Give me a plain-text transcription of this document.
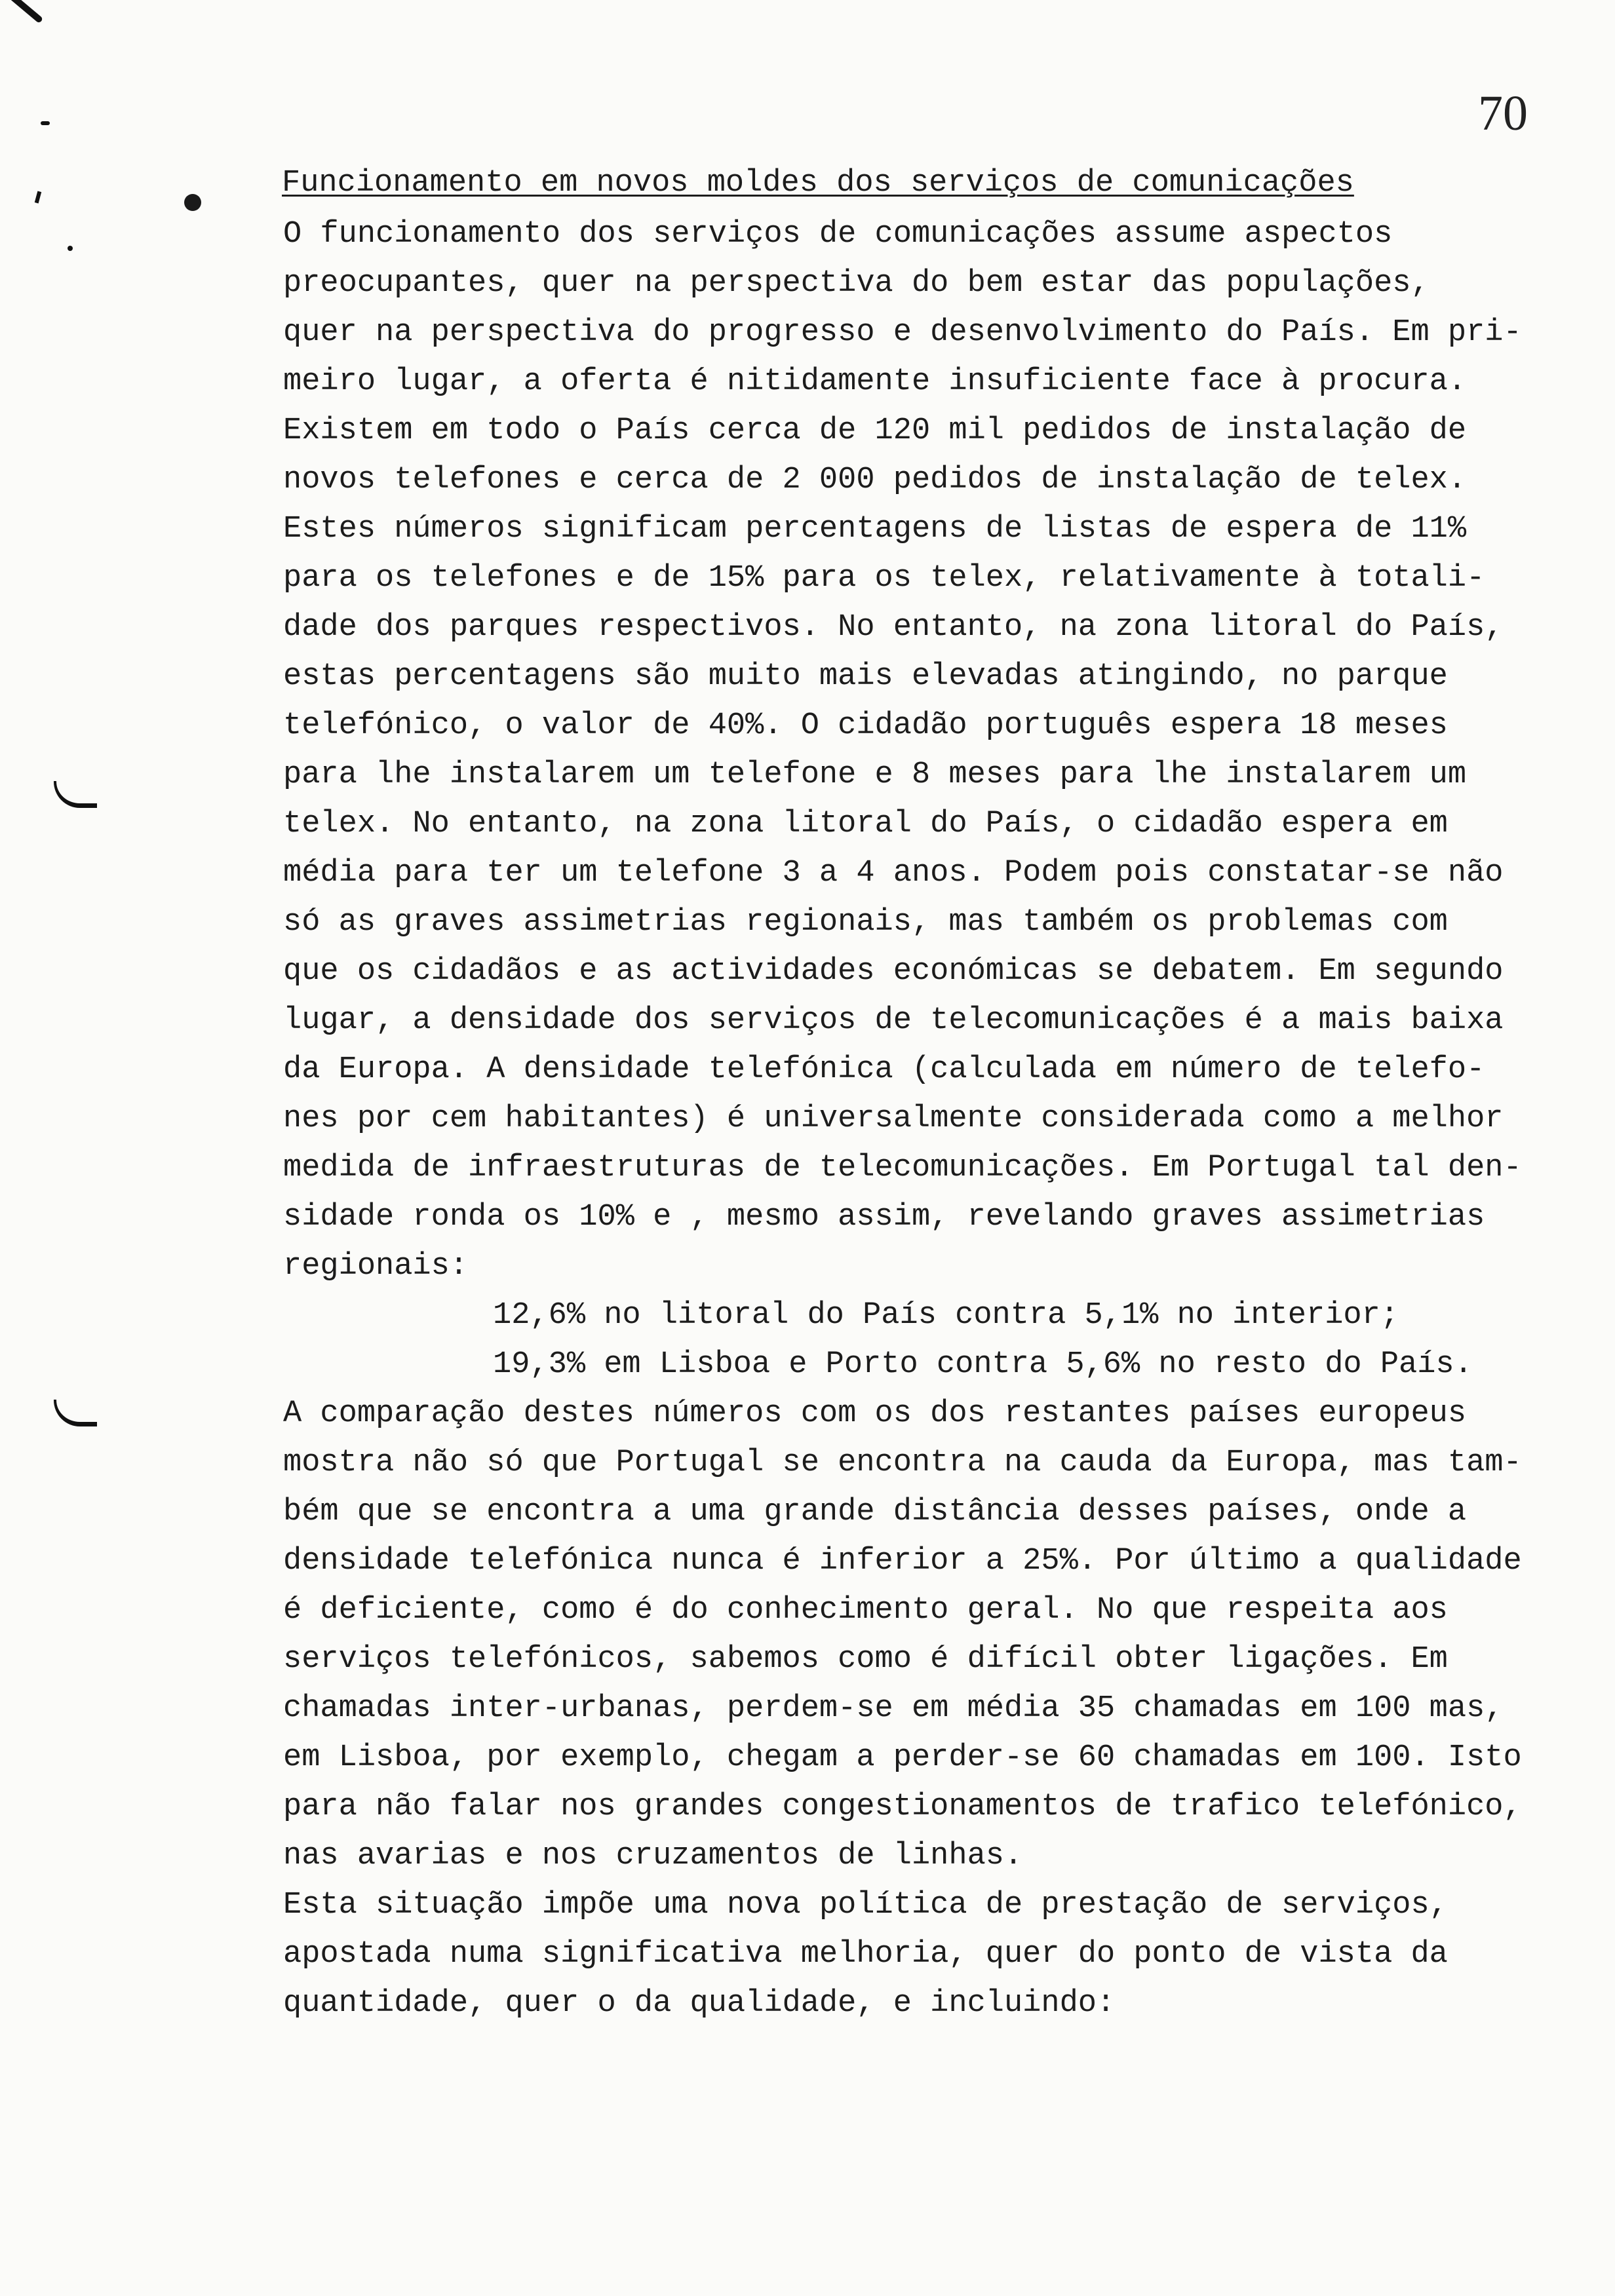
70
Funcionamento em novos moldes dos serviços de comunicações
O funcionamento dos serviços de comunicações assume aspectos
preocupantes, quer na perspectiva do bem estar das populações,
quer na perspectiva do progresso e desenvolvimento do País. Em pri-
meiro lugar, a oferta é nitidamente insuficiente face à procura.
Existem em todo o País cerca de 120 mil pedidos de instalação de
novos telefones e cerca de 2 000 pedidos de instalação de telex.
Estes números significam percentagens de listas de espera de 11%
para os telefones e de 15% para os telex, relativamente à totali-
dade dos parques respectivos. No entanto, na zona litoral do País,
estas percentagens são muito mais elevadas atingindo, no parque
telefónico, o valor de 40%. O cidadão português espera 18 meses
para lhe instalarem um telefone e 8 meses para lhe instalarem um
telex. No entanto, na zona litoral do País, o cidadão espera em
média para ter um telefone 3 a 4 anos. Podem pois constatar-se não
só as graves assimetrias regionais, mas também os problemas com
que os cidadãos e as actividades económicas se debatem. Em segundo
lugar, a densidade dos serviços de telecomunicações é a mais baixa
da Europa. A densidade telefónica (calculada em número de telefo-
nes por cem habitantes) é universalmente considerada como a melhor
medida de infraestruturas de telecomunicações. Em Portugal tal den-
sidade ronda os 10% e , mesmo assim, revelando graves assimetrias
regionais:
12,6% no litoral do País contra 5,1% no interior;
19,3% em Lisboa e Porto contra 5,6% no resto do País.
A comparação destes números com os dos restantes países europeus
mostra não só que Portugal se encontra na cauda da Europa, mas tam-
bém que se encontra a uma grande distância desses países, onde a
densidade telefónica nunca é inferior a 25%. Por último a qualidade
é deficiente, como é do conhecimento geral. No que respeita aos
serviços telefónicos, sabemos como é difícil obter ligações. Em
chamadas inter-urbanas, perdem-se em média 35 chamadas em 100 mas,
em Lisboa, por exemplo, chegam a perder-se 60 chamadas em 100. Isto
para não falar nos grandes congestionamentos de trafico telefónico,
nas avarias e nos cruzamentos de linhas.
Esta situação impõe uma nova política de prestação de serviços,
apostada numa significativa melhoria, quer do ponto de vista da
quantidade, quer o da qualidade, e incluindo:
